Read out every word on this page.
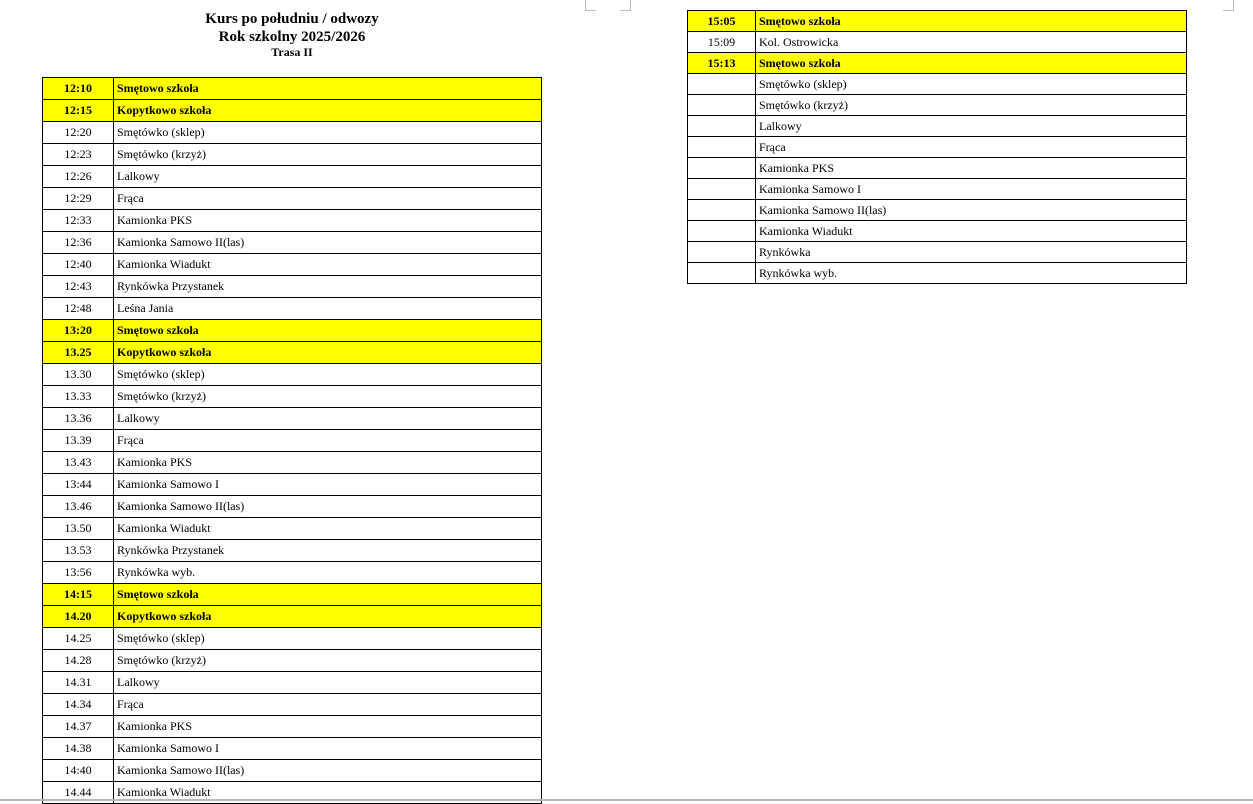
Kurs po południu / odwozy
Rok szkolny 2025/2026
Trasa II
12:10	Smętowo szkoła
12:15	Kopytkowo szkoła
12:20	Smętówko (sklep)
12:23	Smętówko (krzyż)
12:26	Lalkowy
12:29	Frąca
12:33	Kamionka PKS
12:36	Kamionka Samowo II(las)
12:40	Kamionka Wiadukt
12:43	Rynkówka Przystanek
12:48	Leśna Jania
13:20	Smętowo szkoła
13.25	Kopytkowo szkoła
13.30	Smętówko (sklep)
13.33	Smętówko (krzyż)
13.36	Lalkowy
13.39	Frąca
13.43	Kamionka PKS
13:44	Kamionka Samowo I
13.46	Kamionka Samowo II(las)
13.50	Kamionka Wiadukt
13.53	Rynkówka Przystanek
13:56	Rynkówka wyb.
14:15	Smętowo szkoła
14.20	Kopytkowo szkoła
14.25	Smętówko (sklep)
14.28	Smętówko (krzyż)
14.31	Lalkowy
14.34	Frąca
14.37	Kamionka PKS
14.38	Kamionka Samowo I
14:40	Kamionka Samowo II(las)
14.44	Kamionka Wiadukt
15:05	Smętowo szkoła
15:09	Kol. Ostrowicka
15:13	Smętowo szkoła
	Smętówko (sklep)
	Smętówko (krzyż)
	Lalkowy
	Frąca
	Kamionka PKS
	Kamionka Samowo I
	Kamionka Samowo II(las)
	Kamionka Wiadukt
	Rynkówka
	Rynkówka wyb.
